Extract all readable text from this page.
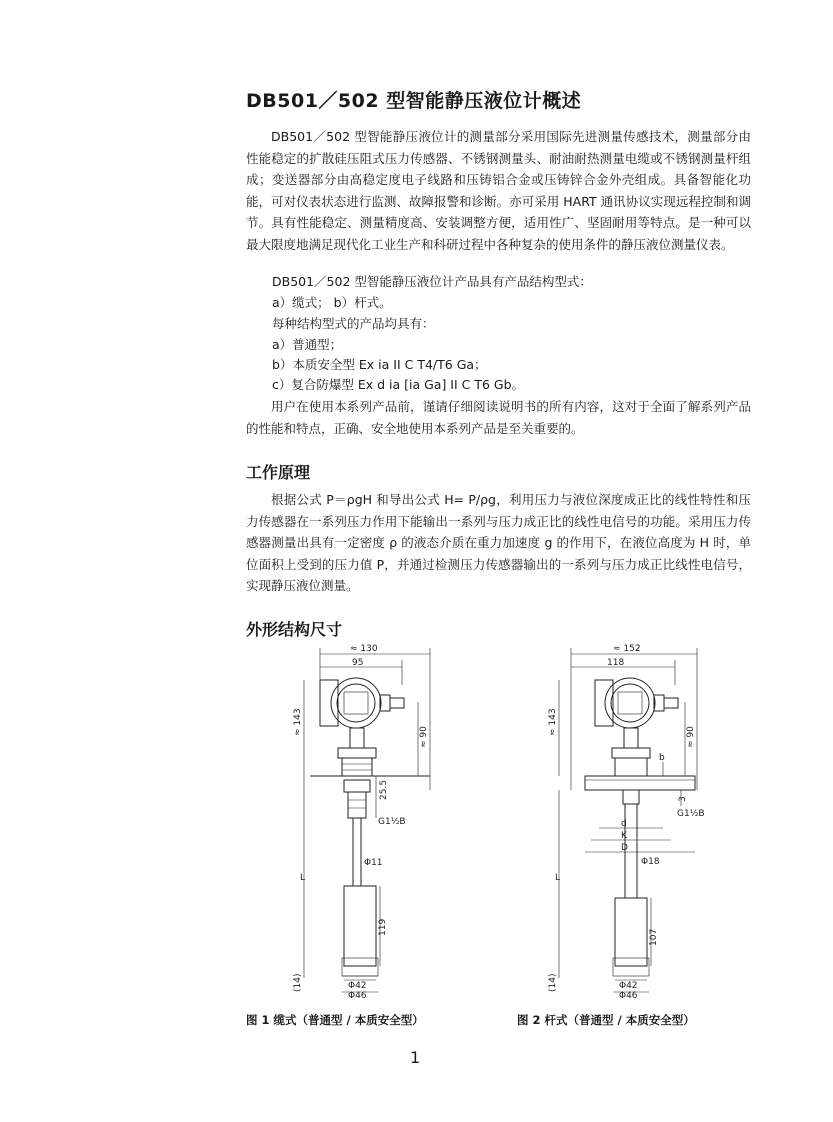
DB501／502 型智能静压液位计概述
DB501／502 型智能静压液位计的测量部分采用国际先进测量传感技术，测量部分由性能稳定的扩散硅压阻式压力传感器、不锈钢测量头、耐油耐热测量电缆或不锈钢测量杆组成；变送器部分由高稳定度电子线路和压铸铝合金或压铸锌合金外壳组成。具备智能化功能，可对仪表状态进行监测、故障报警和诊断。亦可采用 HART 通讯协议实现远程控制和调节。具有性能稳定、测量精度高、安装调整方便，适用性广、坚固耐用等特点。是一种可以最大限度地满足现代化工业生产和科研过程中各种复杂的使用条件的静压液位测量仪表。
DB501／502 型智能静压液位计产品具有产品结构型式：
a）缆式； b）杆式。
每种结构型式的产品均具有：
a）普通型；
b）本质安全型 Ex ia II C T4/T6 Ga；
c）复合防爆型 Ex d ia [ia Ga] II C T6 Gb。
用户在使用本系列产品前，谨请仔细阅读说明书的所有内容，这对于全面了解系列产品的性能和特点，正确、安全地使用本系列产品是至关重要的。
工作原理
根据公式 P＝ρgH 和导出公式 H= P/ρg，利用压力与液位深度成正比的线性特性和压力传感器在一系列压力作用下能输出一系列与压力成正比的线性电信号的功能。采用压力传感器测量出具有一定密度 ρ 的液态介质在重力加速度 g 的作用下，在液位高度为 H 时，单位面积上受到的压力值 P，并通过检测压力传感器输出的一系列与压力成正比线性电信号，实现静压液位测量。
外形结构尺寸
≈ 130
95
25.5
G1½B
Φ11
119
Φ42
Φ46
≈ 143
L
(14)
≈ 90
≈ 152
118
b
3
G1½B
d
K
D
Φ18
107
Φ42
Φ46
≈ 143
L
(14)
≈ 90
图 1 缆式（普通型 / 本质安全型）	图 2 杆式（普通型 / 本质安全型）
1
